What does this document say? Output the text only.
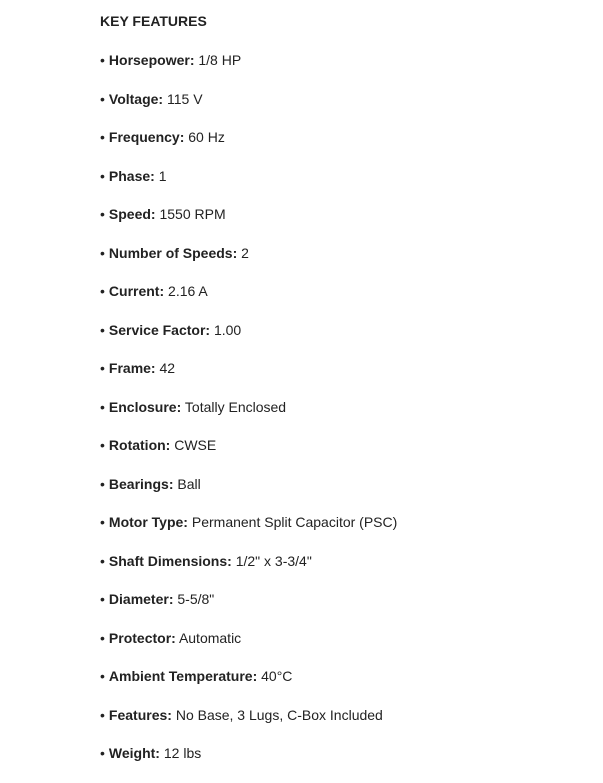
KEY FEATURES
• Horsepower: 1/8 HP
• Voltage: 115 V
• Frequency: 60 Hz
• Phase: 1
• Speed: 1550 RPM
• Number of Speeds: 2
• Current: 2.16 A
• Service Factor: 1.00
• Frame: 42
• Enclosure: Totally Enclosed
• Rotation: CWSE
• Bearings: Ball
• Motor Type: Permanent Split Capacitor (PSC)
• Shaft Dimensions: 1/2" x 3-3/4"
• Diameter: 5-5/8"
• Protector: Automatic
• Ambient Temperature: 40°C
• Features: No Base, 3 Lugs, C-Box Included
• Weight: 12 lbs
